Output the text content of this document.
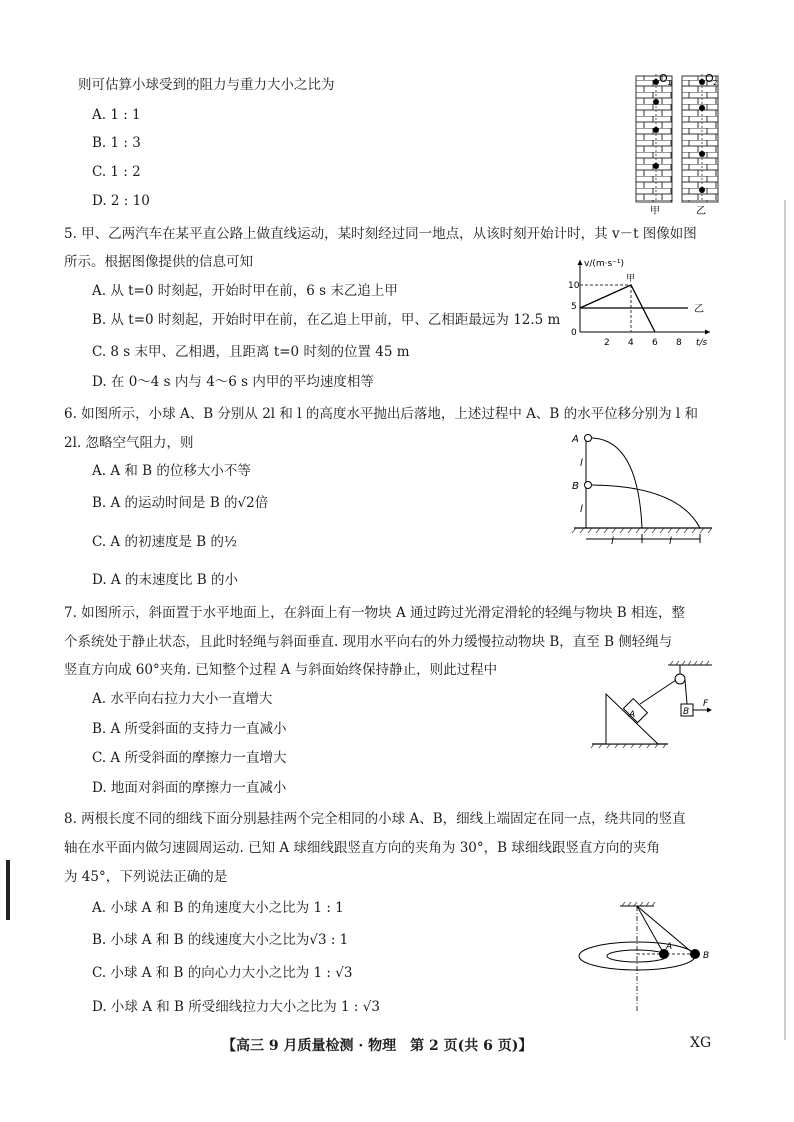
则可估算小球受到的阻力与重力大小之比为
A. 1 : 1
B. 1 : 3
C. 1 : 2
D. 2 : 10
O 1	O 2
甲	乙
5. 甲、乙两汽车在某平直公路上做直线运动，某时刻经过同一地点，从该时刻开始计时，其 v－t 图像如图
所示。根据图像提供的信息可知
A. 从 t=0 时刻起，开始时甲在前，6 s 末乙追上甲
B. 从 t=0 时刻起，开始时甲在前，在乙追上甲前，甲、乙相距最远为 12.5 m
C. 8 s 末甲、乙相遇，且距离 t=0 时刻的位置 45 m
D. 在 0～4 s 内与 4～6 s 内甲的平均速度相等
v/(m·s⁻¹)
t/s
10
5
0
2 4 6 8
甲
乙
6. 如图所示，小球 A、B 分别从 2l 和 l 的高度水平抛出后落地，上述过程中 A、B 的水平位移分别为 l 和
2l. 忽略空气阻力，则
A. A 和 B 的位移大小不等
B. A 的运动时间是 B 的√2倍
C. A 的初速度是 B 的½
D. A 的末速度比 B 的小
A
B
l
l
l	l
7. 如图所示，斜面置于水平地面上，在斜面上有一物块 A 通过跨过光滑定滑轮的轻绳与物块 B 相连，整
个系统处于静止状态，且此时轻绳与斜面垂直. 现用水平向右的外力缓慢拉动物块 B，直至 B 侧轻绳与
竖直方向成 60°夹角. 已知整个过程 A 与斜面始终保持静止，则此过程中
A. 水平向右拉力大小一直增大
B. A 所受斜面的支持力一直减小
C. A 所受斜面的摩擦力一直增大
D. 地面对斜面的摩擦力一直减小
A	B
F
8. 两根长度不同的细线下面分别悬挂两个完全相同的小球 A、B，细线上端固定在同一点，绕共同的竖直
轴在水平面内做匀速圆周运动. 已知 A 球细线跟竖直方向的夹角为 30°，B 球细线跟竖直方向的夹角
为 45°，下列说法正确的是
A. 小球 A 和 B 的角速度大小之比为 1 : 1
B. 小球 A 和 B 的线速度大小之比为√3 : 1
C. 小球 A 和 B 的向心力大小之比为 1 : √3
D. 小球 A 和 B 所受细线拉力大小之比为 1 : √3
A
B
【高三 9 月质量检测 · 物理　第 2 页(共 6 页)】	XG
